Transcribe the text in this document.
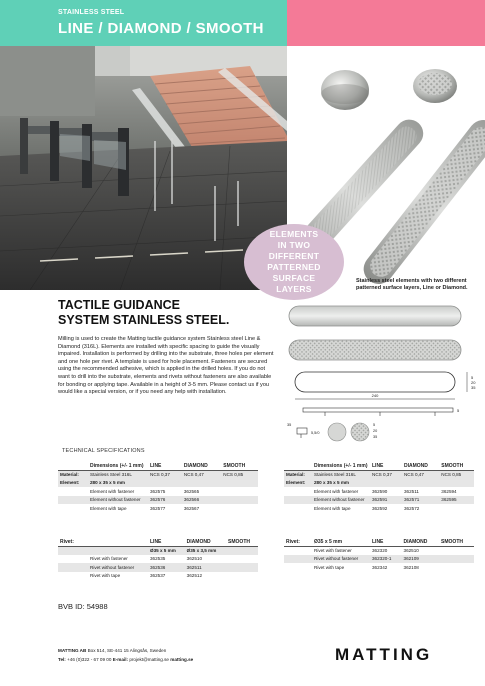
STAINLESS STEEL
LINE / DIAMOND / SMOOTH
ELEMENTS
IN TWO
DIFFERENT
PATTERNED
SURFACE LAYERS
Stainless steel elements with two different patterned surface layers, Line or Diamond.
TACTILE GUIDANCE
SYSTEM STAINLESS STEEL.
Milling is used to create the Matting tactile guidance system Stainless steel Line & Diamond (316L). Elements are installed with specific spacing to guide the visually impaired. Installation is performed by drilling into the substrate, three holes per element and one hole per rivet. A template is used for hole placement. Fasteners are secured using the recommended adhesive, which is applied in the drilled holes. If you do not want to drill into the substrate, elements and rivets without fasteners are also available for bonding or applying tape. Available in a height of 3-5 mm. Please contact us if you would like a special version, or if you need any help with installation.
240
5
20
35
5
35
5,5/0
5
20
35
TECHNICAL SPECIFICATIONS
	Dimensions (+/- 1 mm)	LINE	DIAMOND	SMOOTH
Material:	Stainless Steel 316L	NCS 0,37	NCS 0,47	NCS 0,85
Element:	280 x 35 x 5 mm			
	Element with fastener	362575	362565	
	Element without fastener	362576	362566	
	Element with tape	362577	362567	
Rivet:		LINE	DIAMOND	SMOOTH
		Ø35 x 5 mm	Ø35 x 3,5 mm	
	Rivet with fastener	362535	362510	
	Rivet without fastener	362536	362511	
	Rivet with tape	362537	362512	
	Dimensions (+/- 1 mm)	LINE	DIAMOND	SMOOTH
Material:	Stainless Steel 316L	NCS 0,37	NCS 0,47	NCS 0,85
Element:	280 x 35 x 5 mm			
	Element with fastener	362590	362511	362594
	Element without fastener	362591	362571	362595
	Element with tape	362592	362572	
Rivet:	Ø35 x 5 mm	LINE	DIAMOND	SMOOTH
	Rivet with fastener	362320	362510	
	Rivet without fastener	362320-1	362109	
	Rivet with tape	362342	362108	
BVB ID: 54988
MATTING AB Box 514, SE-441 15 Alingsås, Sweden
Tel: +46 (0)322 - 67 09 00 E-mail: projekt@matting.se matting.se	MATTING
